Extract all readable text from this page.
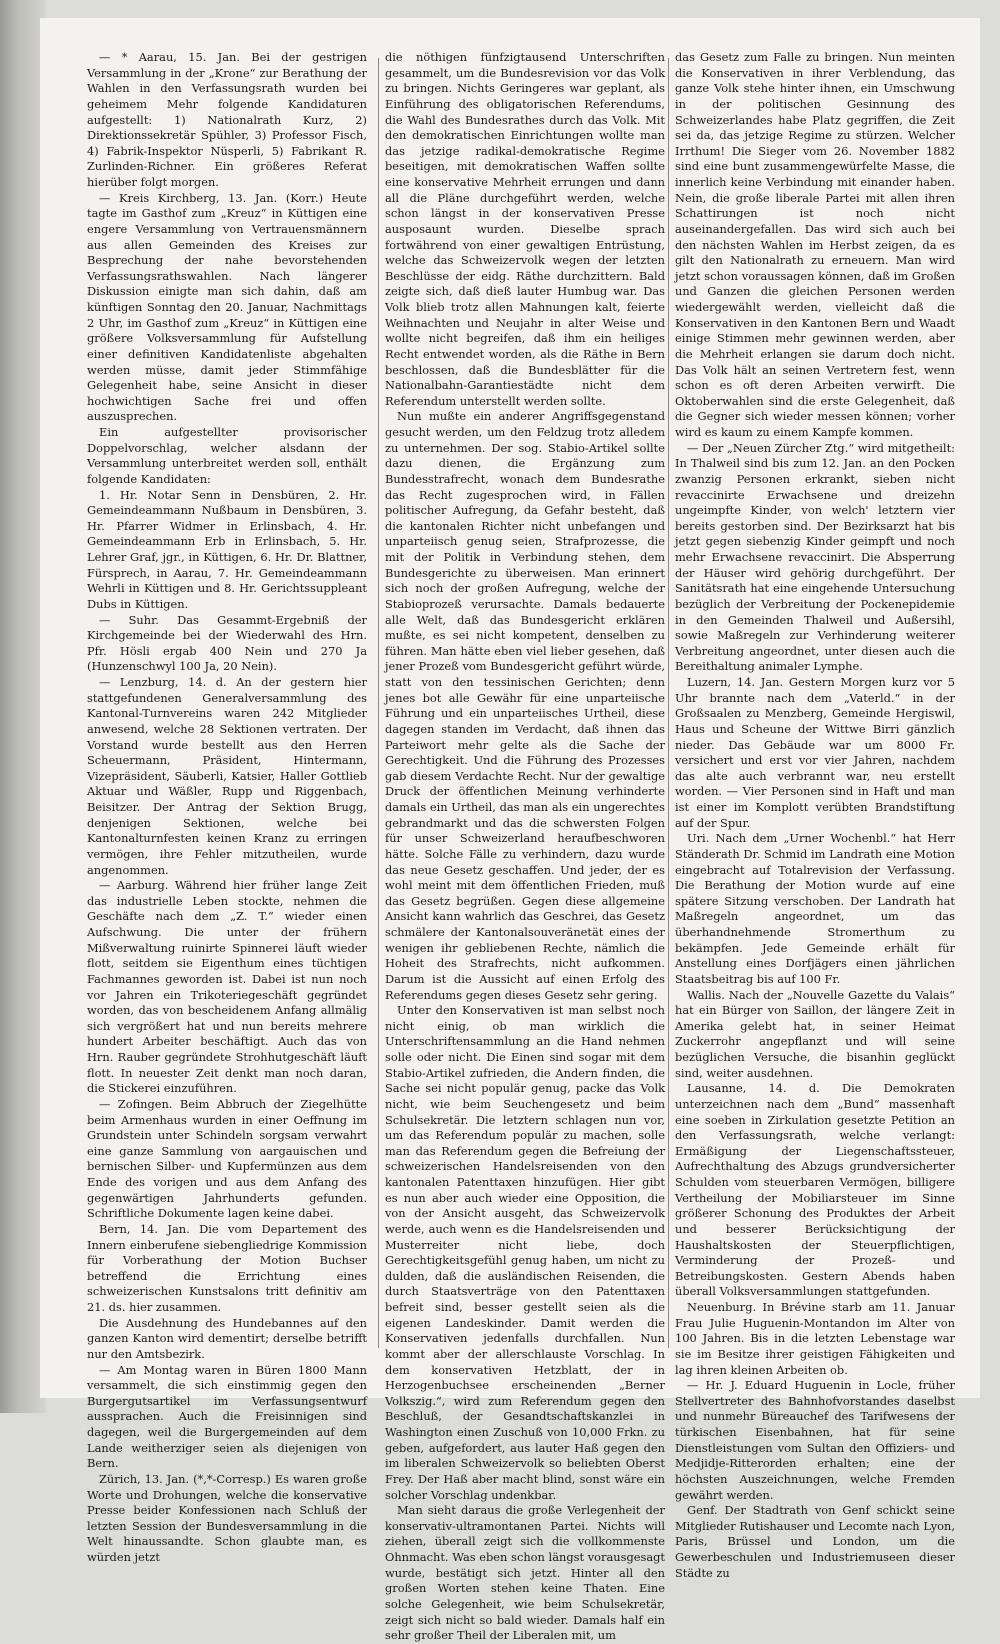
— * Aarau, 15. Jan. Bei der gestrigen Versammlung in der „Krone“ zur Berathung der Wahlen in den Verfassungsrath wurden bei geheimem Mehr folgende Kandidaturen aufgestellt: 1) Nationalrath Kurz, 2) Direktionssekretär Spühler, 3) Professor Fisch, 4) Fabrik-Inspektor Nüsperli, 5) Fabrikant R. Zurlinden-Richner. Ein größeres Referat hierüber folgt morgen.

— Kreis Kirchberg, 13. Jan. (Korr.) Heute tagte im Gasthof zum „Kreuz“ in Küttigen eine engere Versammlung von Vertrauensmännern aus allen Gemeinden des Kreises zur Besprechung der nahe bevorstehenden Verfassungsrathswahlen. Nach längerer Diskussion einigte man sich dahin, daß am künftigen Sonntag den 20. Januar, Nachmittags 2 Uhr, im Gasthof zum „Kreuz“ in Küttigen eine größere Volksversammlung für Aufstellung einer definitiven Kandidatenliste abgehalten werden müsse, damit jeder Stimmfähige Gelegenheit habe, seine Ansicht in dieser hochwichtigen Sache frei und offen auszusprechen.

Ein aufgestellter provisorischer Doppelvorschlag, welcher alsdann der Versammlung unterbreitet werden soll, enthält folgende Kandidaten:

1. Hr. Notar Senn in Densbüren, 2. Hr. Gemeindeammann Nußbaum in Densbüren, 3. Hr. Pfarrer Widmer in Erlinsbach, 4. Hr. Gemeindeammann Erb in Erlinsbach, 5. Hr. Lehrer Graf, jgr., in Küttigen, 6. Hr. Dr. Blattner, Fürsprech, in Aarau, 7. Hr. Gemeindeammann Wehrli in Küttigen und 8. Hr. Gerichtssuppleant Dubs in Küttigen.

— Suhr. Das Gesammt-Ergebniß der Kirchgemeinde bei der Wiederwahl des Hrn. Pfr. Hösli ergab 400 Nein und 270 Ja (Hunzenschwyl 100 Ja, 20 Nein).

— Lenzburg, 14. d. An der gestern hier stattgefundenen Generalversammlung des Kantonal-Turnvereins waren 242 Mitglieder anwesend, welche 28 Sektionen vertraten. Der Vorstand wurde bestellt aus den Herren Scheuermann, Präsident, Hintermann, Vizepräsident, Säuberli, Katsier, Haller Gottlieb Aktuar und Wäßler, Rupp und Riggenbach, Beisitzer. Der Antrag der Sektion Brugg, denjenigen Sektionen, welche bei Kantonalturnfesten keinen Kranz zu erringen vermögen, ihre Fehler mitzutheilen, wurde angenommen.

— Aarburg. Während hier früher lange Zeit das industrielle Leben stockte, nehmen die Geschäfte nach dem „Z. T.“ wieder einen Aufschwung. Die unter der frühern Mißverwaltung ruinirte Spinnerei läuft wieder flott, seitdem sie Eigenthum eines tüchtigen Fachmannes geworden ist. Dabei ist nun noch vor Jahren ein Trikoteriegeschäft gegründet worden, das von bescheidenem Anfang allmälig sich vergrößert hat und nun bereits mehrere hundert Arbeiter beschäftigt. Auch das von Hrn. Rauber gegründete Strohhutgeschäft läuft flott. In neuester Zeit denkt man noch daran, die Stickerei einzuführen.

— Zofingen. Beim Abbruch der Ziegelhütte beim Armenhaus wurden in einer Oeffnung im Grundstein unter Schindeln sorgsam verwahrt eine ganze Sammlung von aargauischen und bernischen Silber- und Kupfermünzen aus dem Ende des vorigen und aus dem Anfang des gegenwärtigen Jahrhunderts gefunden. Schriftliche Dokumente lagen keine dabei.

Bern, 14. Jan. Die vom Departement des Innern einberufene siebengliedrige Kommission für Vorberathung der Motion Buchser betreffend die Errichtung eines schweizerischen Kunstsalons tritt definitiv am 21. ds. hier zusammen.

Die Ausdehnung des Hundebannes auf den ganzen Kanton wird dementirt; derselbe betrifft nur den Amtsbezirk.

— Am Montag waren in Büren 1800 Mann versammelt, die sich einstimmig gegen den Burgergutsartikel im Verfassungsentwurf aussprachen. Auch die Freisinnigen sind dagegen, weil die Burgergemeinden auf dem Lande weitherziger seien als diejenigen von Bern.

Zürich, 13. Jan. (*,*-Corresp.) Es waren große Worte und Drohungen, welche die konservative Presse beider Konfessionen nach Schluß der letzten Session der Bundesversammlung in die Welt hinaussandte. Schon glaubte man, es würden jetzt

die nöthigen fünfzigtausend Unterschriften gesammelt, um die Bundesrevision vor das Volk zu bringen. Nichts Geringeres war geplant, als Einführung des obligatorischen Referendums, die Wahl des Bundesrathes durch das Volk. Mit den demokratischen Einrichtungen wollte man das jetzige radikal-demokratische Regime beseitigen, mit demokratischen Waffen sollte eine konservative Mehrheit errungen und dann all die Pläne durchgeführt werden, welche schon längst in der konservativen Presse ausposaunt wurden. Dieselbe sprach fortwährend von einer gewaltigen Entrüstung, welche das Schweizervolk wegen der letzten Beschlüsse der eidg. Räthe durchzittern. Bald zeigte sich, daß dieß lauter Humbug war. Das Volk blieb trotz allen Mahnungen kalt, feierte Weihnachten und Neujahr in alter Weise und wollte nicht begreifen, daß ihm ein heiliges Recht entwendet worden, als die Räthe in Bern beschlossen, daß die Bundesblätter für die Nationalbahn-Garantiestädte nicht dem Referendum unterstellt werden sollte.

Nun mußte ein anderer Angriffsgegenstand gesucht werden, um den Feldzug trotz alledem zu unternehmen. Der sog. Stabio-Artikel sollte dazu dienen, die Ergänzung zum Bundesstrafrecht, wonach dem Bundesrathe das Recht zugesprochen wird, in Fällen politischer Aufregung, da Gefahr besteht, daß die kantonalen Richter nicht unbefangen und unparteiisch genug seien, Strafprozesse, die mit der Politik in Verbindung stehen, dem Bundesgerichte zu überweisen. Man erinnert sich noch der großen Aufregung, welche der Stabioprozeß verursachte. Damals bedauerte alle Welt, daß das Bundesgericht erklären mußte, es sei nicht kompetent, denselben zu führen. Man hätte eben viel lieber gesehen, daß jener Prozeß vom Bundesgericht geführt würde, statt von den tessinischen Gerichten; denn jenes bot alle Gewähr für eine unparteiische Führung und ein unparteiisches Urtheil, diese dagegen standen im Verdacht, daß ihnen das Parteiwort mehr gelte als die Sache der Gerechtigkeit. Und die Führung des Prozesses gab diesem Verdachte Recht. Nur der gewaltige Druck der öffentlichen Meinung verhinderte damals ein Urtheil, das man als ein ungerechtes gebrandmarkt und das die schwersten Folgen für unser Schweizerland heraufbeschworen hätte. Solche Fälle zu verhindern, dazu wurde das neue Gesetz geschaffen. Und jeder, der es wohl meint mit dem öffentlichen Frieden, muß das Gesetz begrüßen. Gegen diese allgemeine Ansicht kann wahrlich das Geschrei, das Gesetz schmälere der Kantonalsouveränetät eines der wenigen ihr gebliebenen Rechte, nämlich die Hoheit des Strafrechts, nicht aufkommen. Darum ist die Aussicht auf einen Erfolg des Referendums gegen dieses Gesetz sehr gering.

Unter den Konservativen ist man selbst noch nicht einig, ob man wirklich die Unterschriftensammlung an die Hand nehmen solle oder nicht. Die Einen sind sogar mit dem Stabio-Artikel zufrieden, die Andern finden, die Sache sei nicht populär genug, packe das Volk nicht, wie beim Seuchengesetz und beim Schulsekretär. Die letztern schlagen nun vor, um das Referendum populär zu machen, solle man das Referendum gegen die Befreiung der schweizerischen Handelsreisenden von den kantonalen Patenttaxen hinzufügen. Hier gibt es nun aber auch wieder eine Opposition, die von der Ansicht ausgeht, das Schweizervolk werde, auch wenn es die Handelsreisenden und Musterreiter nicht liebe, doch Gerechtigkeitsgefühl genug haben, um nicht zu dulden, daß die ausländischen Reisenden, die durch Staatsverträge von den Patenttaxen befreit sind, besser gestellt seien als die eigenen Landeskinder. Damit werden die Konservativen jedenfalls durchfallen. Nun kommt aber der allerschlauste Vorschlag. In dem konservativen Hetzblatt, der in Herzogenbuchsee erscheinenden „Berner Volkszig.“, wird zum Referendum gegen den Beschluß, der Gesandtschaftskanzlei in Washington einen Zuschuß von 10,000 Frkn. zu geben, aufgefordert, aus lauter Haß gegen den im liberalen Schweizervolk so beliebten Oberst Frey. Der Haß aber macht blind, sonst wäre ein solcher Vorschlag undenkbar.

Man sieht daraus die große Verlegenheit der konservativ-ultramontanen Partei. Nichts will ziehen, überall zeigt sich die vollkommenste Ohnmacht. Was eben schon längst vorausgesagt wurde, bestätigt sich jetzt. Hinter all den großen Worten stehen keine Thaten. Eine solche Gelegenheit, wie beim Schulsekretär, zeigt sich nicht so bald wieder. Damals half ein sehr großer Theil der Liberalen mit, um

das Gesetz zum Falle zu bringen. Nun meinten die Konservativen in ihrer Verblendung, das ganze Volk stehe hinter ihnen, ein Umschwung in der politischen Gesinnung des Schweizerlandes habe Platz gegriffen, die Zeit sei da, das jetzige Regime zu stürzen. Welcher Irrthum! Die Sieger vom 26. November 1882 sind eine bunt zusammengewürfelte Masse, die innerlich keine Verbindung mit einander haben. Nein, die große liberale Partei mit allen ihren Schattirungen ist noch nicht auseinandergefallen. Das wird sich auch bei den nächsten Wahlen im Herbst zeigen, da es gilt den Nationalrath zu erneuern. Man wird jetzt schon voraussagen können, daß im Großen und Ganzen die gleichen Personen werden wiedergewählt werden, vielleicht daß die Konservativen in den Kantonen Bern und Waadt einige Stimmen mehr gewinnen werden, aber die Mehrheit erlangen sie darum doch nicht. Das Volk hält an seinen Vertretern fest, wenn schon es oft deren Arbeiten verwirft. Die Oktoberwahlen sind die erste Gelegenheit, daß die Gegner sich wieder messen können; vorher wird es kaum zu einem Kampfe kommen.

— Der „Neuen Zürcher Ztg.“ wird mitgetheilt: In Thalweil sind bis zum 12. Jan. an den Pocken zwanzig Personen erkrankt, sieben nicht revaccinirte Erwachsene und dreizehn ungeimpfte Kinder, von welch' letztern vier bereits gestorben sind. Der Bezirksarzt hat bis jetzt gegen siebenzig Kinder geimpft und noch mehr Erwachsene revaccinirt. Die Absperrung der Häuser wird gehörig durchgeführt. Der Sanitätsrath hat eine eingehende Untersuchung bezüglich der Verbreitung der Pockenepidemie in den Gemeinden Thalweil und Außersihl, sowie Maßregeln zur Verhinderung weiterer Verbreitung angeordnet, unter diesen auch die Bereithaltung animaler Lymphe.

Luzern, 14. Jan. Gestern Morgen kurz vor 5 Uhr brannte nach dem „Vaterld.“ in der Großsaalen zu Menzberg, Gemeinde Hergiswil, Haus und Scheune der Wittwe Birri gänzlich nieder. Das Gebäude war um 8000 Fr. versichert und erst vor vier Jahren, nachdem das alte auch verbrannt war, neu erstellt worden. — Vier Personen sind in Haft und man ist einer im Komplott verübten Brandstiftung auf der Spur.

Uri. Nach dem „Urner Wochenbl.“ hat Herr Ständerath Dr. Schmid im Landrath eine Motion eingebracht auf Totalrevision der Verfassung. Die Berathung der Motion wurde auf eine spätere Sitzung verschoben. Der Landrath hat Maßregeln angeordnet, um das überhandnehmende Stromerthum zu bekämpfen. Jede Gemeinde erhält für Anstellung eines Dorfjägers einen jährlichen Staatsbeitrag bis auf 100 Fr.

Wallis. Nach der „Nouvelle Gazette du Valais“ hat ein Bürger von Saillon, der längere Zeit in Amerika gelebt hat, in seiner Heimat Zuckerrohr angepflanzt und will seine bezüglichen Versuche, die bisanhin geglückt sind, weiter ausdehnen.

Lausanne, 14. d. Die Demokraten unterzeichnen nach dem „Bund“ massenhaft eine soeben in Zirkulation gesetzte Petition an den Verfassungsrath, welche verlangt: Ermäßigung der Liegenschaftssteuer, Aufrechthaltung des Abzugs grundversicherter Schulden vom steuerbaren Vermögen, billigere Vertheilung der Mobiliarsteuer im Sinne größerer Schonung des Produktes der Arbeit und besserer Berücksichtigung der Haushaltskosten der Steuerpflichtigen, Verminderung der Prozeß- und Betreibungskosten. Gestern Abends haben überall Volksversammlungen stattgefunden.

Neuenburg. In Brévine starb am 11. Januar Frau Julie Huguenin-Montandon im Alter von 100 Jahren. Bis in die letzten Lebenstage war sie im Besitze ihrer geistigen Fähigkeiten und lag ihren kleinen Arbeiten ob.

— Hr. J. Eduard Huguenin in Locle, früher Stellvertreter des Bahnhofvorstandes daselbst und nunmehr Büreauchef des Tarifwesens der türkischen Eisenbahnen, hat für seine Dienstleistungen vom Sultan den Offiziers- und Medjidje-Ritterorden erhalten; eine der höchsten Auszeichnungen, welche Fremden gewährt werden.

Genf. Der Stadtrath von Genf schickt seine Mitglieder Rutishauser und Lecomte nach Lyon, Paris, Brüssel und London, um die Gewerbeschulen und Industriemuseen dieser Städte zu
